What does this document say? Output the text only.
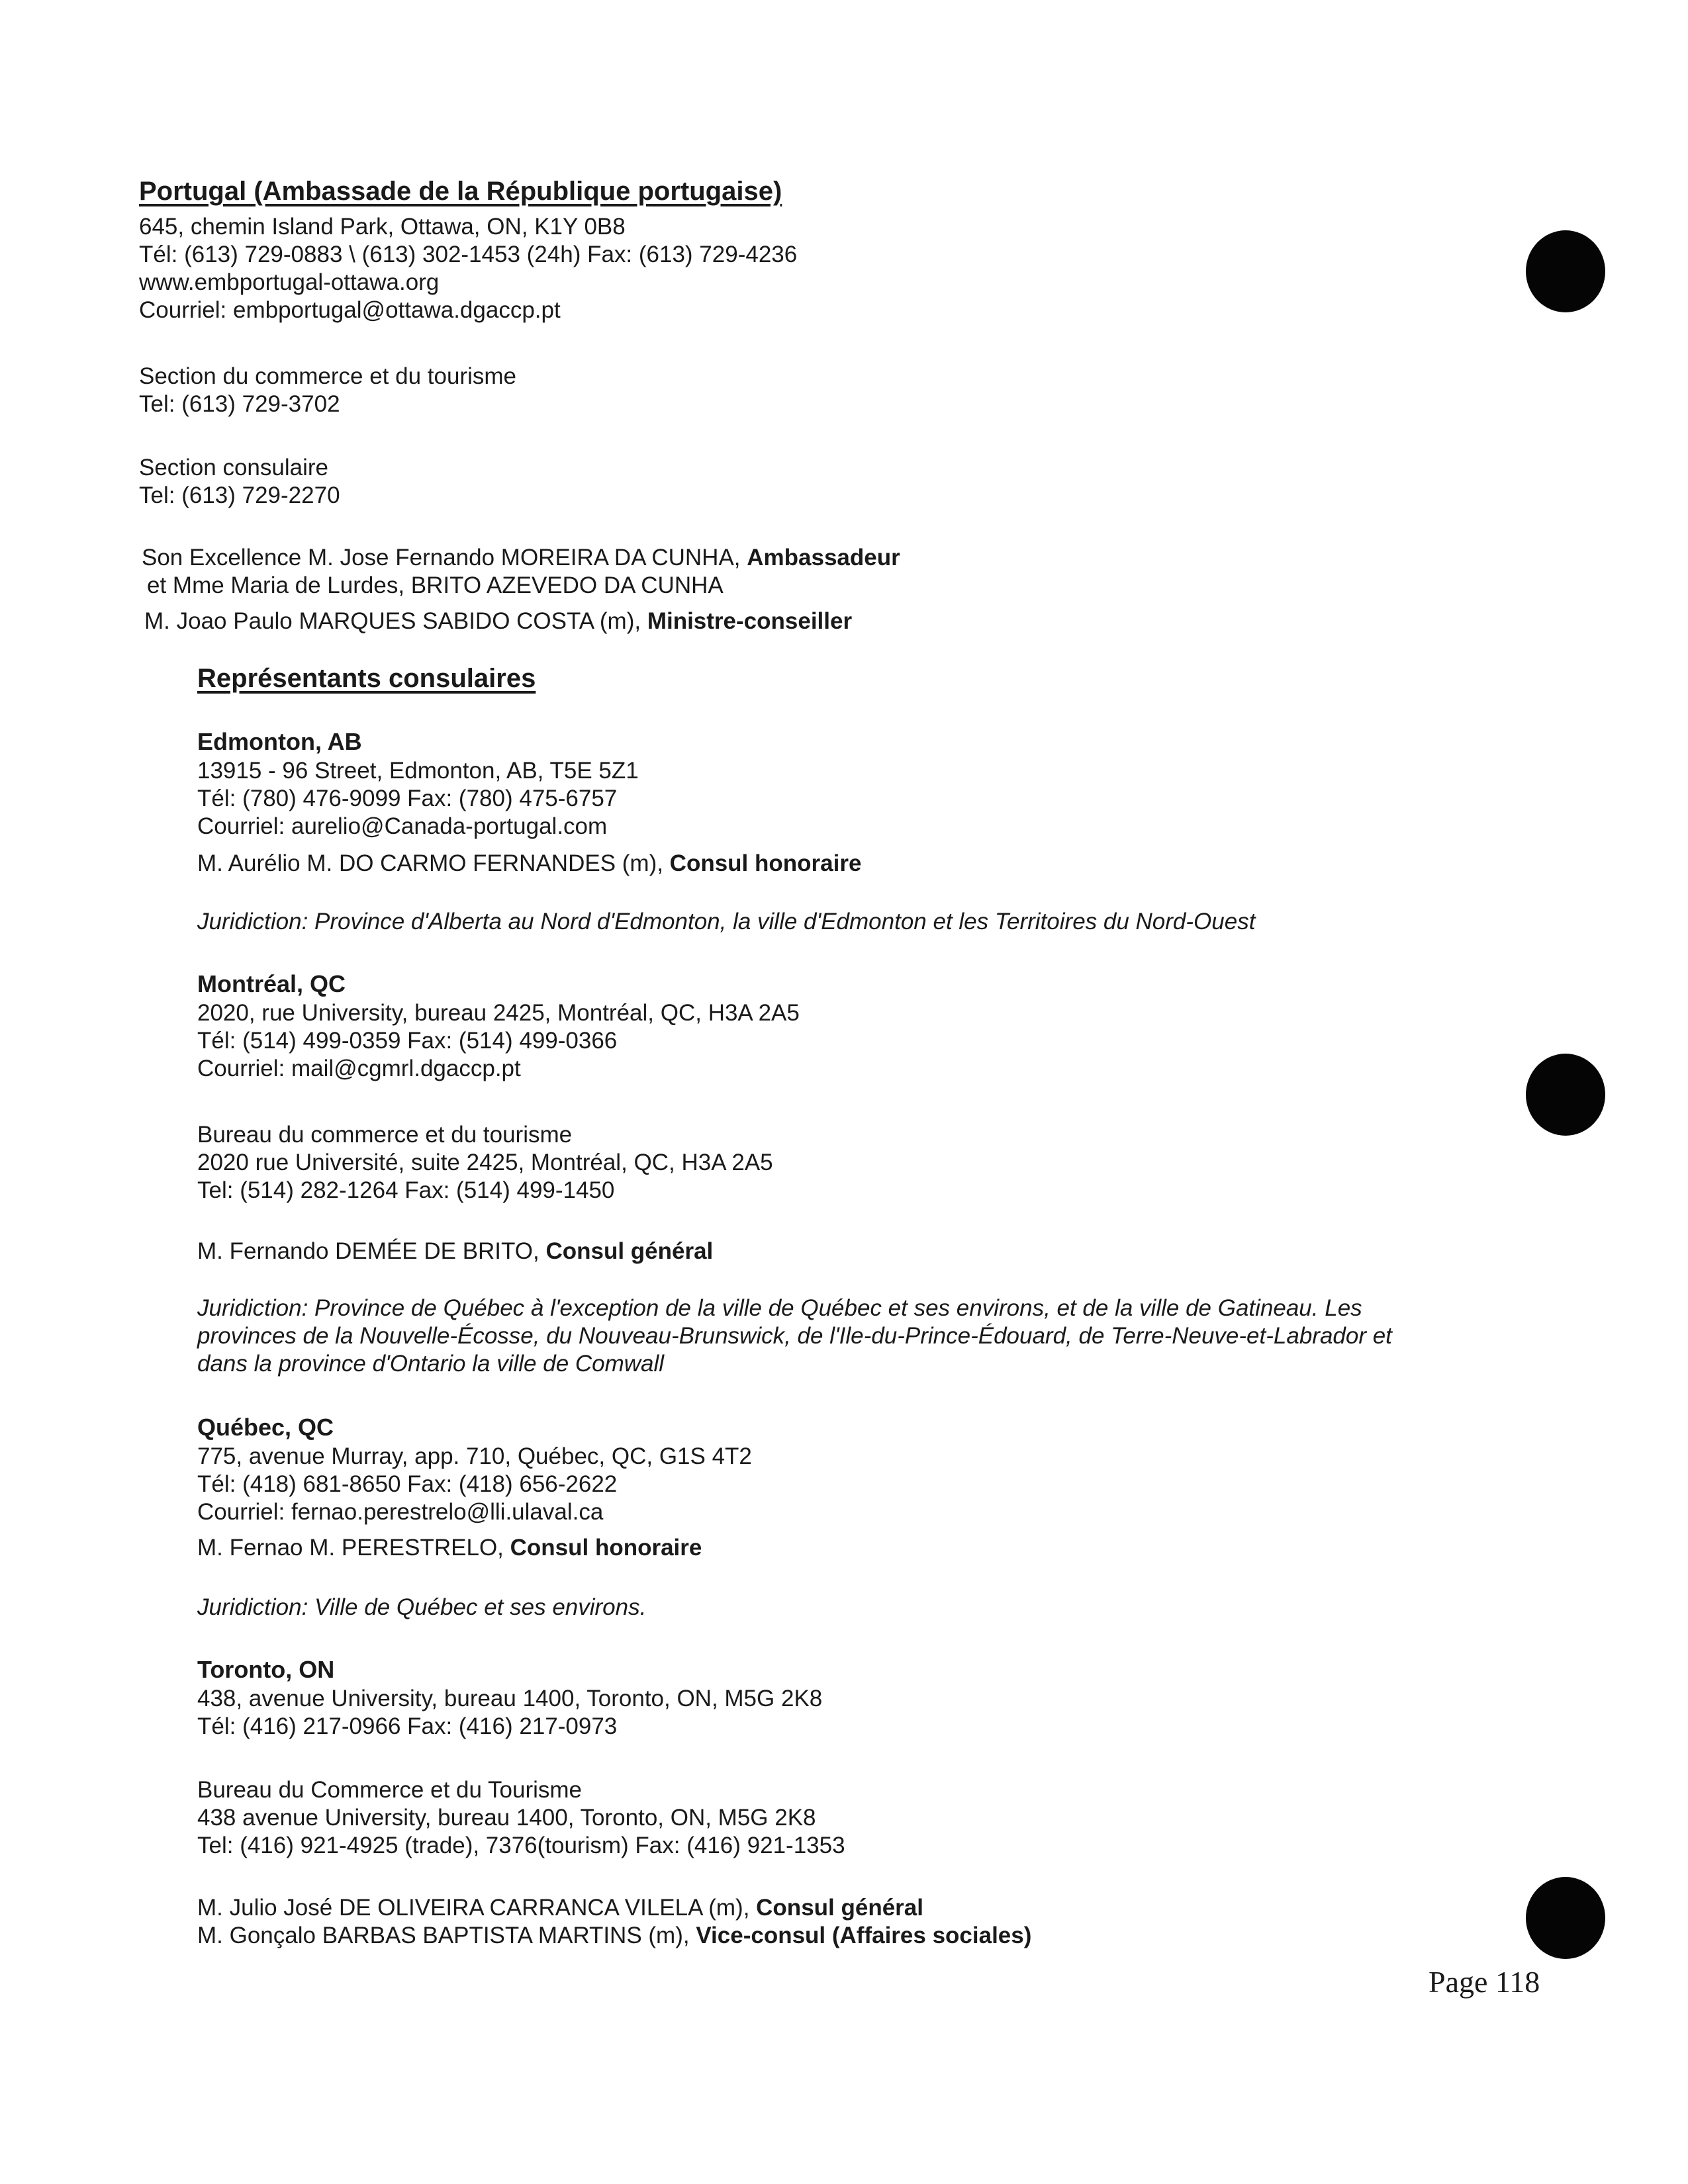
Portugal (Ambassade de la République portugaise)
645, chemin Island Park, Ottawa, ON, K1Y 0B8
Tél: (613) 729-0883 \ (613) 302-1453 (24h) Fax: (613) 729-4236
www.embportugal-ottawa.org
Courriel: embportugal@ottawa.dgaccp.pt
Section du commerce et du tourisme
Tel: (613) 729-3702
Section consulaire
Tel: (613) 729-2270
Son Excellence M. Jose Fernando MOREIRA DA CUNHA, Ambassadeur
et Mme Maria de Lurdes, BRITO AZEVEDO DA CUNHA
M. Joao Paulo MARQUES SABIDO COSTA (m), Ministre-conseiller
Représentants consulaires
Edmonton, AB
13915 - 96 Street, Edmonton, AB, T5E 5Z1
Tél: (780) 476-9099 Fax: (780) 475-6757
Courriel: aurelio@Canada-portugal.com
M. Aurélio M. DO CARMO FERNANDES (m), Consul honoraire
Juridiction: Province d'Alberta au Nord d'Edmonton, la ville d'Edmonton et les Territoires du Nord-Ouest
Montréal, QC
2020, rue University, bureau 2425, Montréal, QC, H3A 2A5
Tél: (514) 499-0359 Fax: (514) 499-0366
Courriel: mail@cgmrl.dgaccp.pt
Bureau du commerce et du tourisme
2020 rue Université, suite 2425, Montréal, QC, H3A 2A5
Tel: (514) 282-1264 Fax: (514) 499-1450
M. Fernando DEMÉE DE BRITO, Consul général
Juridiction: Province de Québec à l'exception de la ville de Québec et ses environs, et de la ville de Gatineau. Les
provinces de la Nouvelle-Écosse, du Nouveau-Brunswick, de l'Ile-du-Prince-Édouard, de Terre-Neuve-et-Labrador et
dans la province d'Ontario la ville de Comwall
Québec, QC
775, avenue Murray, app. 710, Québec, QC, G1S 4T2
Tél: (418) 681-8650 Fax: (418) 656-2622
Courriel: fernao.perestrelo@lli.ulaval.ca
M. Fernao M. PERESTRELO, Consul honoraire
Juridiction: Ville de Québec et ses environs.
Toronto, ON
438, avenue University, bureau 1400, Toronto, ON, M5G 2K8
Tél: (416) 217-0966 Fax: (416) 217-0973
Bureau du Commerce et du Tourisme
438 avenue University, bureau 1400, Toronto, ON, M5G 2K8
Tel: (416) 921-4925 (trade), 7376(tourism) Fax: (416) 921-1353
M. Julio José DE OLIVEIRA CARRANCA VILELA (m), Consul général
M. Gonçalo BARBAS BAPTISTA MARTINS (m), Vice-consul (Affaires sociales)
Page 118
